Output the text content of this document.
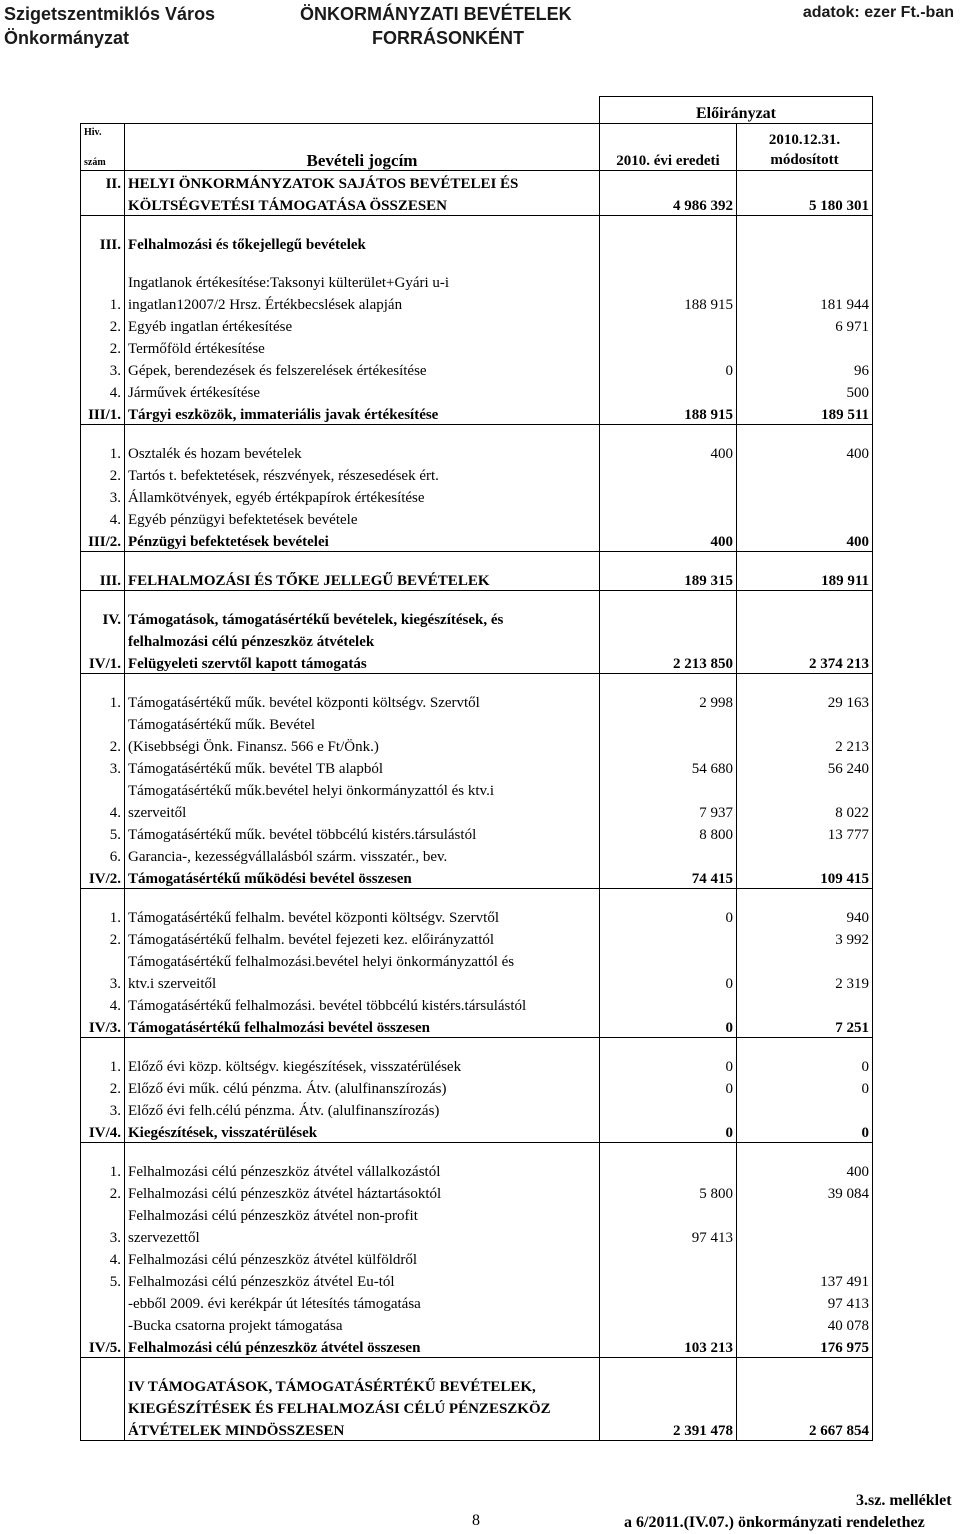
Szigetszentmiklós Város
Önkormányzat
ÖNKORMÁNYZATI BEVÉTELEK
FORRÁSONKÉNT
adatok: ezer Ft.-ban
		Előirányzat	

Hiv.

szám	Bevételi jogcím	2010. évi eredeti	2010.12.31.
módosított
II.	HELYI ÖNKORMÁNYZATOK SAJÁTOS BEVÉTELEI ÉS		
	KÖLTSÉGVETÉSI TÁMOGATÁSA ÖSSZESEN	4 986 392	5 180 301

III.	Felhalmozási és tőkejellegű bevételek		

	Ingatlanok értékesítése:Taksonyi külterület+Gyári u-i		
1.	ingatlan12007/2 Hrsz. Értékbecslések alapján	188 915	181 944
2.	Egyéb ingatlan értékesítése		6 971
2.	Termőföld értékesítése		
3.	Gépek, berendezések és felszerelések értékesítése	0	96
4.	Járművek értékesítése		500
III/1.	Tárgyi eszközök, immateriális javak értékesítése	188 915	189 511

1.	Osztalék és hozam bevételek	400	400
2.	Tartós t. befektetések, részvények, részesedések ért.		
3.	Államkötvények, egyéb értékpapírok értékesítése		
4.	Egyéb pénzügyi befektetések bevétele		
III/2.	Pénzügyi befektetések bevételei	400	400

III.	FELHALMOZÁSI ÉS TŐKE JELLEGŰ BEVÉTELEK	189 315	189 911

IV.	Támogatások, támogatásértékű bevételek, kiegészítések, és		
	felhalmozási célú pénzeszköz átvételek		
IV/1.	Felügyeleti szervtől kapott támogatás	2 213 850	2 374 213

1.	Támogatásértékű műk. bevétel központi költségv. Szervtől	2 998	29 163
	Támogatásértékű műk. Bevétel		
2.	(Kisebbségi Önk. Finansz. 566 e Ft/Önk.)		2 213
3.	Támogatásértékű műk. bevétel TB alapból	54 680	56 240
	Támogatásértékű műk.bevétel helyi önkormányzattól és ktv.i		
4.	szerveitől	7 937	8 022
5.	Támogatásértékű műk. bevétel többcélú kistérs.társulástól	8 800	13 777
6.	Garancia-, kezességvállalásból szárm. visszatér., bev.		
IV/2.	Támogatásértékű működési bevétel összesen	74 415	109 415

1.	Támogatásértékű felhalm. bevétel központi költségv. Szervtől	0	940
2.	Támogatásértékű felhalm. bevétel fejezeti kez. előirányzattól		3 992
	Támogatásértékű felhalmozási.bevétel helyi önkormányzattól és		
3.	ktv.i szerveitől	0	2 319
4.	Támogatásértékű felhalmozási. bevétel többcélú kistérs.társulástól		
IV/3.	Támogatásértékű felhalmozási bevétel összesen	0	7 251

1.	Előző évi közp. költségv. kiegészítések, visszatérülések	0	0
2.	Előző évi műk. célú pénzma. Átv. (alulfinanszírozás)	0	0
3.	Előző évi felh.célú pénzma. Átv. (alulfinanszírozás)		
IV/4.	Kiegészítések, visszatérülések	0	0

1.	Felhalmozási célú pénzeszköz átvétel vállalkozástól		400
2.	Felhalmozási célú pénzeszköz átvétel háztartásoktól	5 800	39 084
	Felhalmozási célú pénzeszköz átvétel non-profit		
3.	szervezettől	97 413	
4.	Felhalmozási célú pénzeszköz átvétel külföldről		
5.	Felhalmozási célú pénzeszköz átvétel Eu-tól		137 491
	-ebből 2009. évi kerékpár út létesítés támogatása		97 413
	-Bucka csatorna projekt támogatása		40 078
IV/5.	Felhalmozási célú pénzeszköz átvétel összesen	103 213	176 975

	IV TÁMOGATÁSOK, TÁMOGATÁSÉRTÉKŰ BEVÉTELEK,		
	KIEGÉSZÍTÉSEK ÉS FELHALMOZÁSI CÉLÚ PÉNZESZKÖZ		
	ÁTVÉTELEK MINDÖSSZESEN	2 391 478	2 667 854
8
3.sz. melléklet
a 6/2011.(IV.07.) önkormányzati rendelethez
